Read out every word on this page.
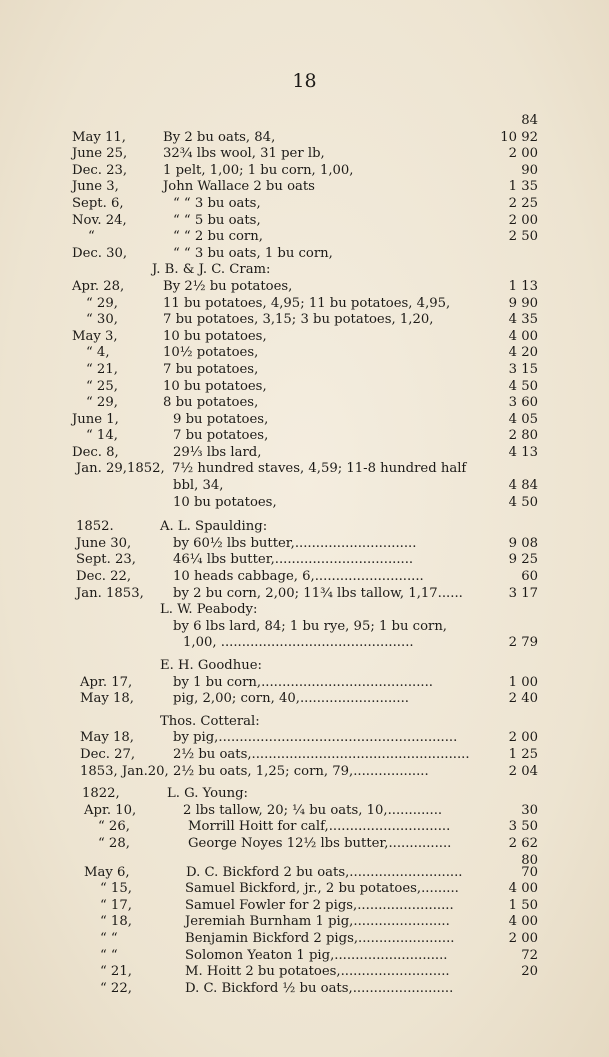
18
84
May 11,	By 2 bu oats, 84,	10 92
June 25,	32¾ lbs wool, 31 per lb,	2 00
Dec. 23,	1 pelt, 1,00; 1 bu corn, 1,00,	90
June 3,	John Wallace 2 bu oats	1 35
Sept. 6,	“ “ 3 bu oats,	2 25
Nov. 24,	“ “ 5 bu oats,	2 00
“	“ “ 2 bu corn,	2 50
Dec. 30,	“ “ 3 bu oats, 1 bu corn,
J. B. & J. C. Cram:
Apr. 28,	By 2½ bu potatoes,	1 13
“ 29,	11 bu potatoes, 4,95; 11 bu potatoes, 4,95,	9 90
“ 30,	7 bu potatoes, 3,15; 3 bu potatoes, 1,20,	4 35
May 3,	10 bu potatoes,	4 00
“ 4,	10½ potatoes,	4 20
“ 21,	7 bu potatoes,	3 15
“ 25,	10 bu potatoes,	4 50
“ 29,	8 bu potatoes,	3 60
June 1,	9 bu potatoes,	4 05
“ 14,	7 bu potatoes,	2 80
Dec. 8,	29⅓ lbs lard,	4 13
Jan. 29,1852, 7½ hundred staves, 4,59; 11-8 hundred half
bbl, 34,	4 84
10 bu potatoes,	4 50
1852.	A. L. Spaulding:
June 30,	by 60½ lbs butter,.............................	9 08
Sept. 23,	46¼ lbs butter,.................................	9 25
Dec. 22,	10 heads cabbage, 6,..........................	60
Jan. 1853, by 2 bu corn, 2,00; 11¾ lbs tallow, 1,17......	3 17
L. W. Peabody:
by 6 lbs lard, 84; 1 bu rye, 95; 1 bu corn,
1,00, ..............................................	2 79
E. H. Goodhue:
Apr. 17,	by 1 bu corn,.........................................	1 00
May 18,	pig, 2,00; corn, 40,..........................	2 40
Thos. Cotteral:
May 18,	by pig,.........................................................	2 00
Dec. 27,	2½ bu oats,....................................................	1 25
1853, Jan.20, 2½ bu oats, 1,25; corn, 79,..................	2 04
1822,	L. G. Young:
Apr. 10,	2 lbs tallow, 20; ¼ bu oats, 10,.............	30
“ 26,	Morrill Hoitt for calf,.............................	3 50
“ 28,	George Noyes 12½ lbs butter,...............	2 62
80
May 6,	D. C. Bickford 2 bu oats,...........................	70
“ 15,	Samuel Bickford, jr., 2 bu potatoes,.........	4 00
“ 17,	Samuel Fowler for 2 pigs,.......................	1 50
“ 18,	Jeremiah Burnham 1 pig,.......................	4 00
“ “	Benjamin Bickford 2 pigs,.......................	2 00
“ “	Solomon Yeaton 1 pig,...........................	72
“ 21,	M. Hoitt 2 bu potatoes,..........................	20
“ 22,	D. C. Bickford ½ bu oats,........................
